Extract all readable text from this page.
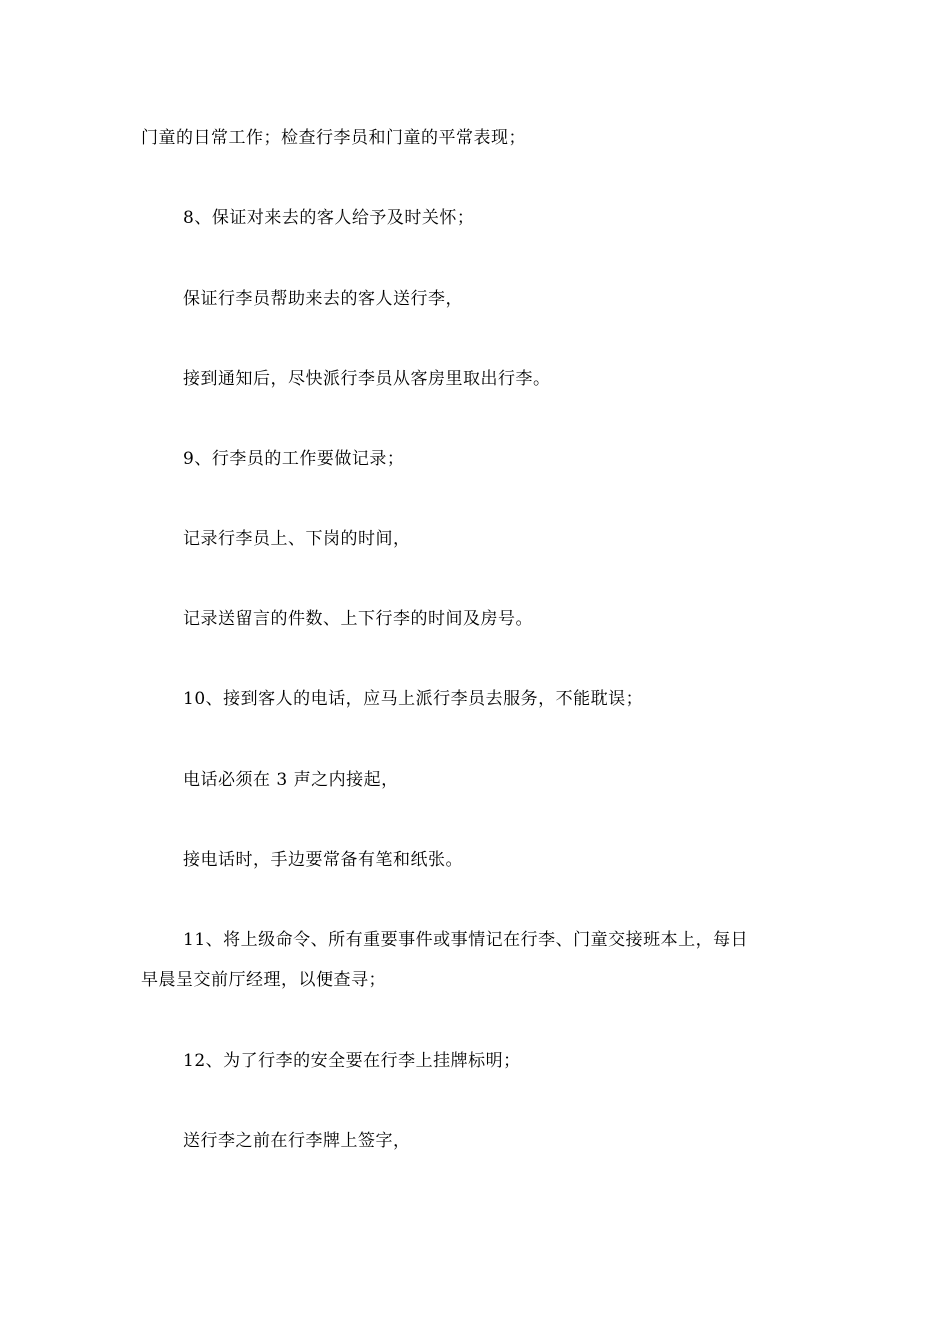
门童的日常工作；检查行李员和门童的平常表现；
8、保证对来去的客人给予及时关怀；
保证行李员帮助来去的客人送行李，
接到通知后，尽快派行李员从客房里取出行李。
9、行李员的工作要做记录；
记录行李员上、下岗的时间，
记录送留言的件数、上下行李的时间及房号。
10、接到客人的电话，应马上派行李员去服务，不能耽误；
电话必须在 3 声之内接起，
接电话时，手边要常备有笔和纸张。
11、将上级命令、所有重要事件或事情记在行李、门童交接班本上，每日
早晨呈交前厅经理，以便查寻；
12、为了行李的安全要在行李上挂牌标明；
送行李之前在行李牌上签字，
